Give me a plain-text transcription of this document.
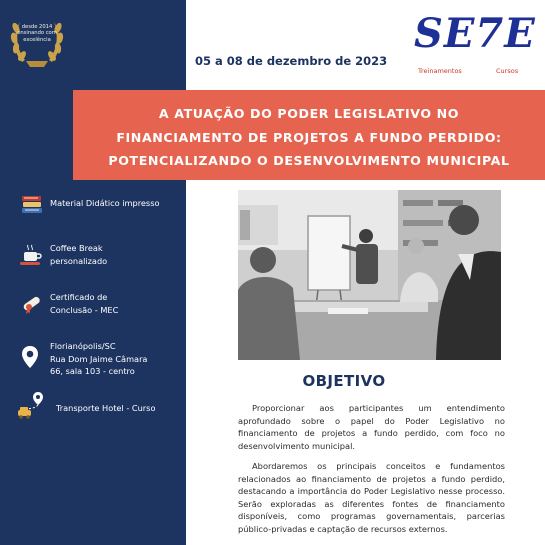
desde 2014
ensinando com
excelência
05 a 08 de dezembro de 2023
SE7E
Treinamentos	Cursos
A ATUAÇÃO DO PODER LEGISLATIVO NO
FINANCIAMENTO DE PROJETOS A FUNDO PERDIDO:
POTENCIALIZANDO O DESENVOLVIMENTO MUNICIPAL
Material Didático impresso
Coffee Break
personalizado
Certificado de
Conclusão - MEC
Florianópolis/SC
Rua Dom Jaime Câmara
66, sala 103 - centro
Transporte Hotel - Curso
OBJETIVO

Proporcionar aos participantes um entendimento aprofundado sobre o papel do Poder Legislativo no financiamento de projetos a fundo perdido, com foco no desenvolvimento municipal.

Abordaremos os principais conceitos e fundamentos relacionados ao financiamento de projetos a fundo perdido, destacando a importância do Poder Legislativo nesse processo. Serão exploradas as diferentes fontes de financiamento disponíveis, como programas governamentais, parcerias público-privadas e captação de recursos externos.
